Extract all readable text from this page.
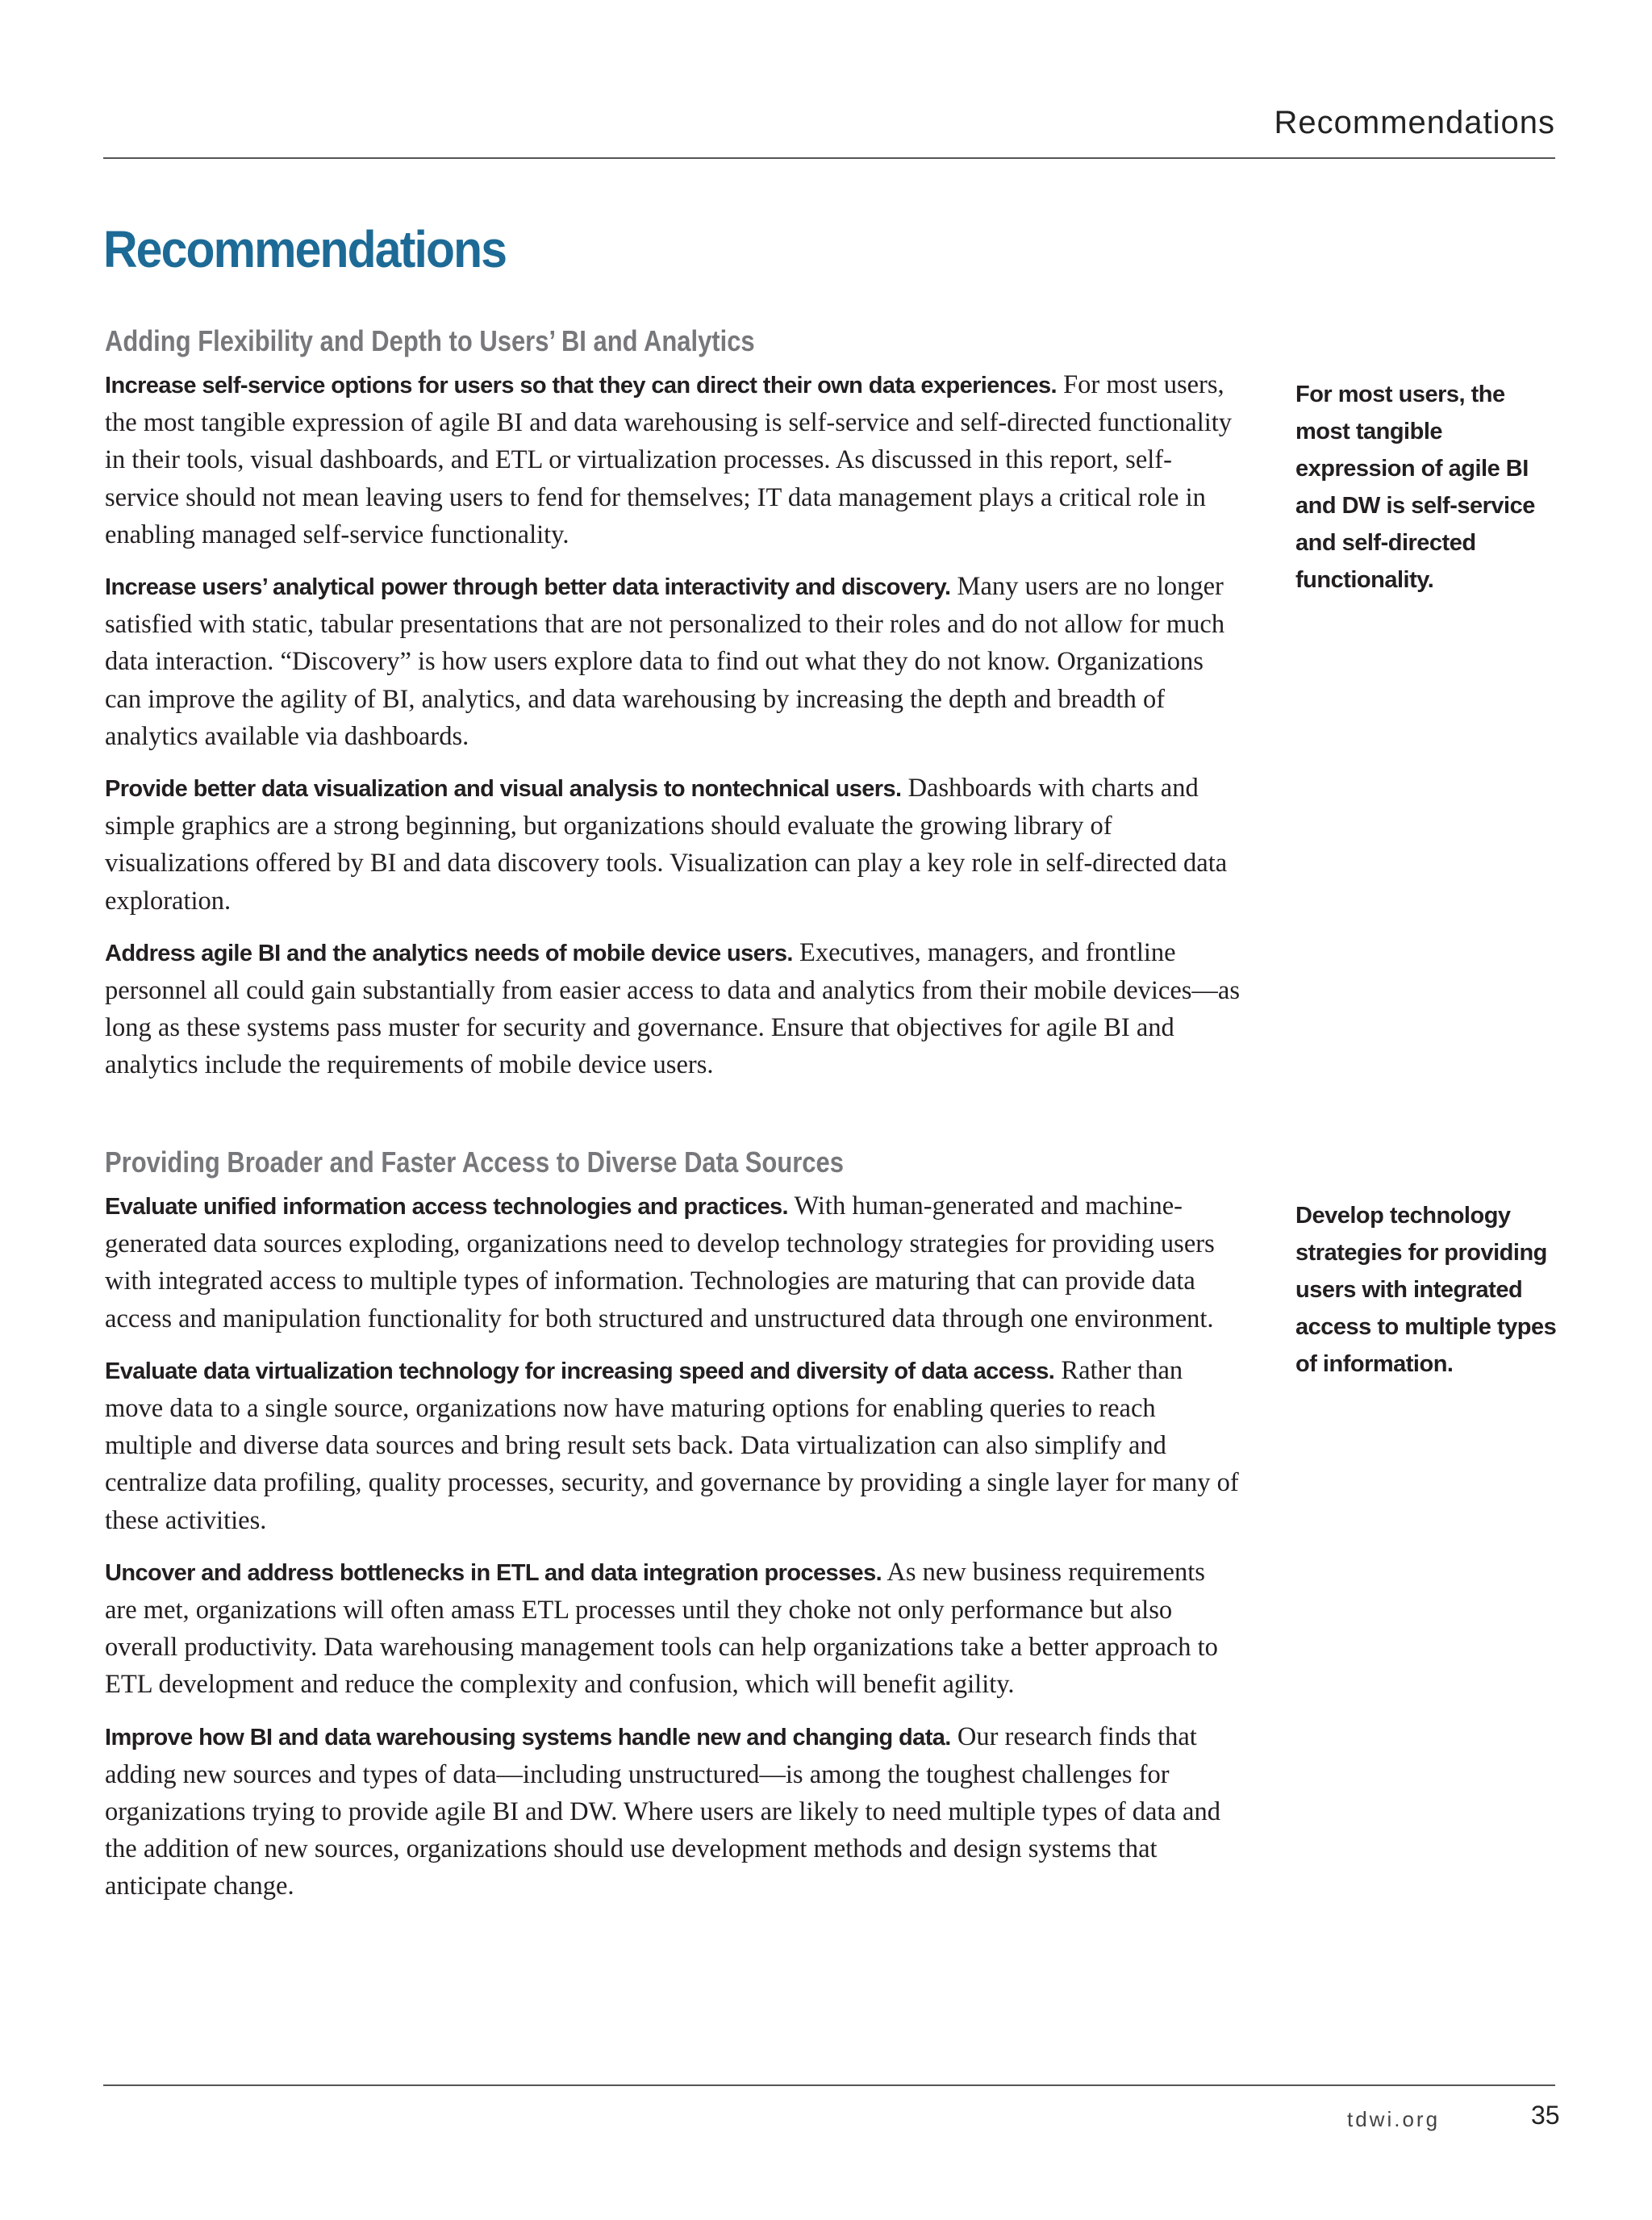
Recommendations
Recommendations
Adding Flexibility and Depth to Users’ BI and Analytics

Increase self-service options for users so that they can direct their own data experiences. For most users, the most tangible expression of agile BI and data warehousing is self-service and self-directed functionality in their tools, visual dashboards, and ETL or virtualization processes. As discussed in this report, self-service should not mean leaving users to fend for themselves; IT data management plays a critical role in enabling managed self-service functionality.

Increase users’ analytical power through better data interactivity and discovery. Many users are no longer satisfied with static, tabular presentations that are not personalized to their roles and do not allow for much data interaction. “Discovery” is how users explore data to find out what they do not know. Organizations can improve the agility of BI, analytics, and data warehousing by increasing the depth and breadth of analytics available via dashboards.

Provide better data visualization and visual analysis to nontechnical users. Dashboards with charts and simple graphics are a strong beginning, but organizations should evaluate the growing library of visualizations offered by BI and data discovery tools. Visualization can play a key role in self-directed data exploration.

Address agile BI and the analytics needs of mobile device users. Executives, managers, and frontline personnel all could gain substantially from easier access to data and analytics from their mobile devices—as long as these systems pass muster for security and governance. Ensure that objectives for agile BI and analytics include the requirements of mobile device users.

Providing Broader and Faster Access to Diverse Data Sources

Evaluate unified information access technologies and practices. With human-generated and machine-generated data sources exploding, organizations need to develop technology strategies for providing users with integrated access to multiple types of information. Technologies are maturing that can provide data access and manipulation functionality for both structured and unstructured data through one environment.

Evaluate data virtualization technology for increasing speed and diversity of data access. Rather than move data to a single source, organizations now have maturing options for enabling queries to reach multiple and diverse data sources and bring result sets back. Data virtualization can also simplify and centralize data profiling, quality processes, security, and governance by providing a single layer for many of these activities.

Uncover and address bottlenecks in ETL and data integration processes. As new business requirements are met, organizations will often amass ETL processes until they choke not only performance but also overall productivity. Data warehousing management tools can help organizations take a better approach to ETL development and reduce the complexity and confusion, which will benefit agility.

Improve how BI and data warehousing systems handle new and changing data. Our research finds that adding new sources and types of data—including unstructured—is among the toughest challenges for organizations trying to provide agile BI and DW. Where users are likely to need multiple types of data and the addition of new sources, organizations should use development methods and design systems that anticipate change.

For most users, the most tangible expression of agile BI and DW is self-service and self-directed functionality.

Develop technology strategies for providing users with integrated access to multiple types of information.

tdwi.org	35
